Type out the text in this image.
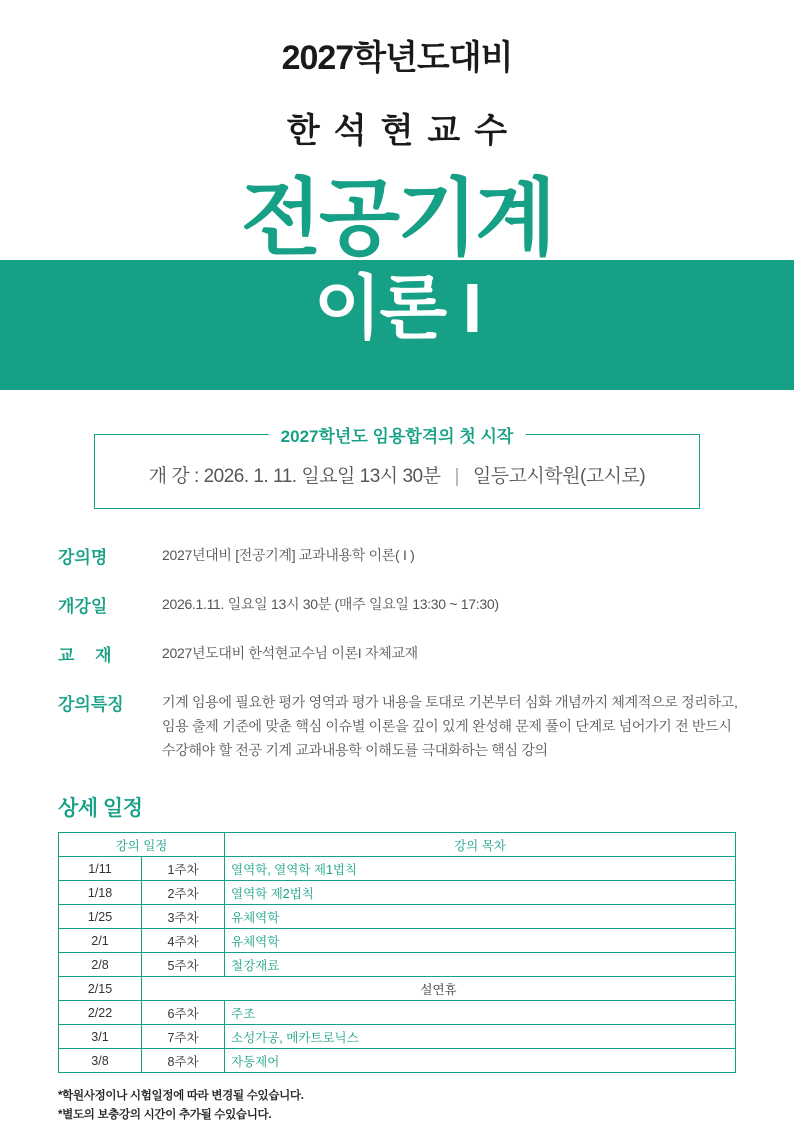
2027학년도대비
한석현교수
전공기계
이론 I
2027학년도 임용합격의 첫 시작
개 강 : 2026. 1. 11. 일요일 13시 30분 | 일등고시학원(고시로)
강의명	2027년대비 [전공기계] 교과내용학 이론( I )
개강일	2026.1.11. 일요일 13시 30분 (매주 일요일 13:30 ~ 17:30)
교 재	2027년도대비 한석현교수님 이론I 자체교재
강의특징	기계 임용에 필요한 평가 영역과 평가 내용을 토대로 기본부터 심화 개념까지 체계적으로 정리하고, 임용 출제 기준에 맞춘 핵심 이슈별 이론을 깊이 있게 완성해 문제 풀이 단계로 넘어가기 전 반드시 수강해야 할 전공 기계 교과내용학 이해도를 극대화하는 핵심 강의
상세 일정
강의 일정		강의 목차
1/11	1주차	열역학, 열역학 제1법칙
1/18	2주차	열역학 제2법칙
1/25	3주차	유체역학
2/1	4주차	유체역학
2/8	5주차	철강재료
2/15	설연휴	
2/22	6주차	주조
3/1	7주차	소성가공, 메카트로닉스
3/8	8주차	자동제어
*학원사정이나 시험일정에 따라 변경될 수있습니다.
*별도의 보충강의 시간이 추가될 수있습니다.
